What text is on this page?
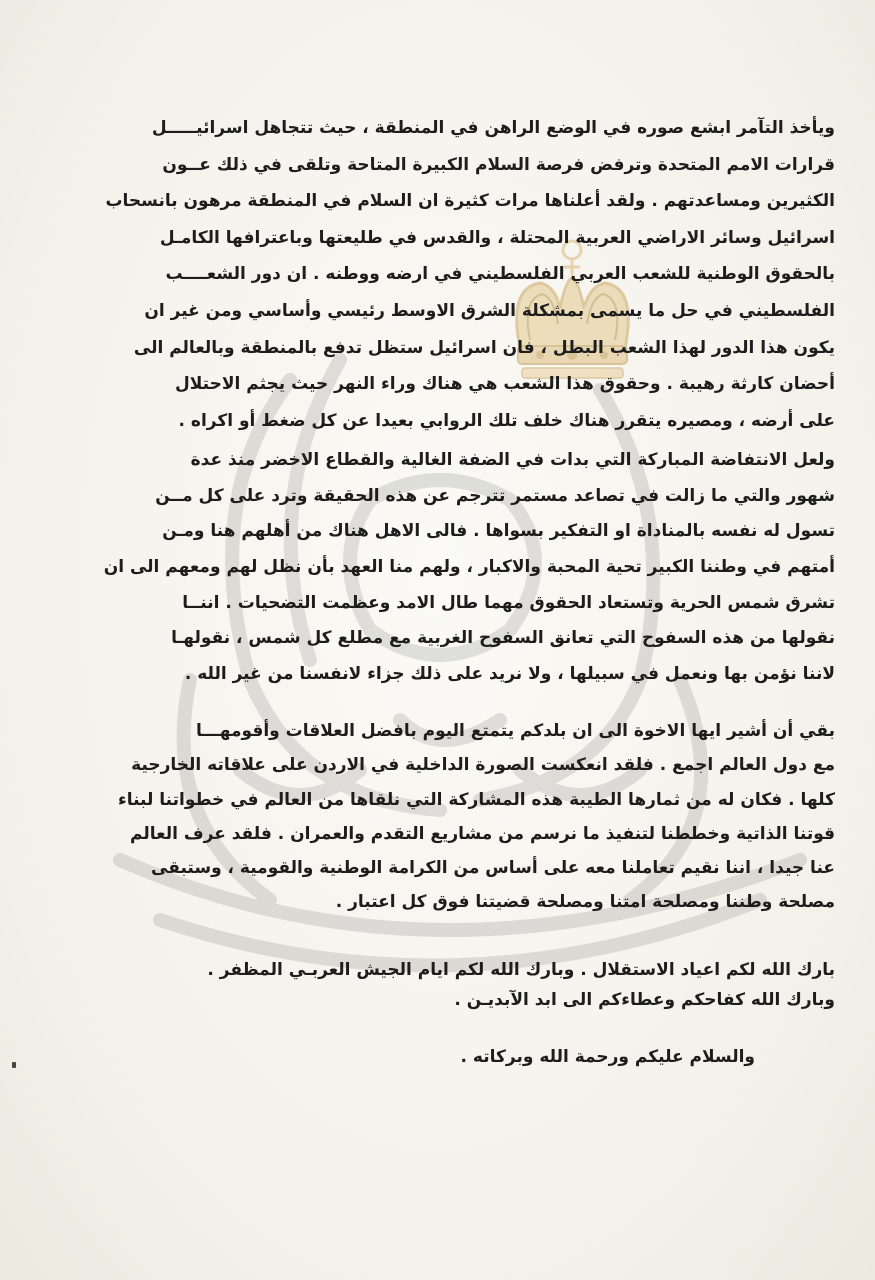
ويأخذ التآمر ابشع صوره في الوضع الراهن في المنطقة ، حيث تتجاهل اسرائيـــــل
قرارات الامم المتحدة وترفض فرصة السلام الكبيرة المتاحة وتلقى في ذلك عــون
الكثيرين ومساعدتهم . ولقد أعلناها مرات كثيرة ان السلام في المنطقة مرهون بانسحاب
اسرائيل وسائر الاراضي العربية المحتلة ، والقدس في طليعتها وباعترافها الكامـل
بالحقوق الوطنية للشعب العربي الفلسطيني في ارضه ووطنه . ان دور الشعــــب
الفلسطيني في حل ما يسمى بمشكلة الشرق الاوسط رئيسي وأساسي ومن غير ان
يكون هذا الدور لهذا الشعب البطل ، فان اسرائيل ستظل تدفع بالمنطقة وبالعالم الى
أحضان كارثة رهيبة . وحقوق هذا الشعب هي هناك وراء النهر حيث يجثم الاحتلال
على أرضه ، ومصيره يتقرر هناك خلف تلك الروابي بعيدا عن كل ضغط أو اكراه .
ولعل الانتفاضة المباركة التي بدات في الضفة الغالية والقطاع الاخضر منذ عدة
شهور والتي ما زالت في تصاعد مستمر تترجم عن هذه الحقيقة وترد على كل مــن
تسول له نفسه بالمناداة او التفكير بسواها . فالى الاهل هناك من أهلهم هنا ومـن
أمتهم في وطننا الكبير تحية المحبة والاكبار ، ولهم منا العهد بأن نظل لهم ومعهم الى ان
تشرق شمس الحرية وتستعاد الحقوق مهما طال الامد وعظمت التضحيات . اننــا
نقولها من هذه السفوح التي تعانق السفوح الغربية مع مطلع كل شمس ، نقولهـا
لاننا نؤمن بها ونعمل في سبيلها ، ولا نريد على ذلك جزاء لانفسنا من غير الله .
بقي أن أشير ايها الاخوة الى ان بلدكم يتمتع اليوم بافضل العلاقات وأقومهـــا
مع دول العالم اجمع . فلقد انعكست الصورة الداخلية في الاردن على علاقاته الخارجية
كلها . فكان له من ثمارها الطيبة هذه المشاركة التي نلقاها من العالم في خطواتنا لبناء
قوتنا الذاتية وخططنا لتنفيذ ما نرسم من مشاريع التقدم والعمران . فلقد عرف العالم
عنا جيدا ، اننا نقيم تعاملنا معه على أساس من الكرامة الوطنية والقومية ، وستبقى
مصلحة وطننا ومصلحة امتنا ومصلحة قضيتنا فوق كل اعتبار .
بارك الله لكم اعياد الاستقلال . وبارك الله لكم ايام الجيش العربـي المظفر .
وبارك الله كفاحكم وعطاءكم الى ابد الآبديـن .
والسلام عليكم ورحمة الله وبركاته .
